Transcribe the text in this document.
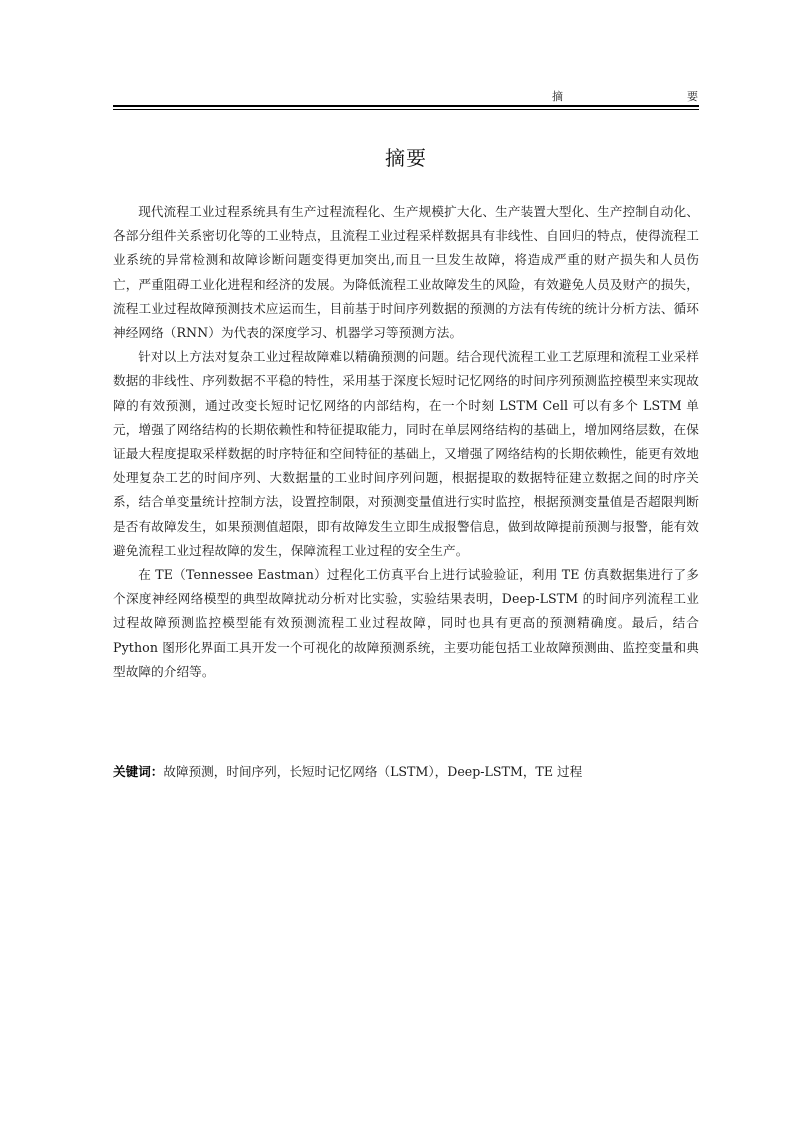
摘	要
摘要

现代流程工业过程系统具有生产过程流程化、生产规模扩大化、生产装置大型化、生产控制自动化、各部分组件关系密切化等的工业特点，且流程工业过程采样数据具有非线性、自回归的特点，使得流程工业系统的异常检测和故障诊断问题变得更加突出,而且一旦发生故障，将造成严重的财产损失和人员伤亡，严重阻碍工业化进程和经济的发展。为降低流程工业故障发生的风险，有效避免人员及财产的损失，流程工业过程故障预测技术应运而生，目前基于时间序列数据的预测的方法有传统的统计分析方法、循环神经网络（RNN）为代表的深度学习、机器学习等预测方法。

针对以上方法对复杂工业过程故障难以精确预测的问题。结合现代流程工业工艺原理和流程工业采样数据的非线性、序列数据不平稳的特性，采用基于深度长短时记忆网络的时间序列预测监控模型来实现故障的有效预测，通过改变长短时记忆网络的内部结构，在一个时刻 LSTM Cell 可以有多个 LSTM 单元，增强了网络结构的长期依赖性和特征提取能力，同时在单层网络结构的基础上，增加网络层数，在保证最大程度提取采样数据的时序特征和空间特征的基础上，又增强了网络结构的长期依赖性，能更有效地处理复杂工艺的时间序列、大数据量的工业时间序列问题，根据提取的数据特征建立数据之间的时序关系，结合单变量统计控制方法，设置控制限，对预测变量值进行实时监控，根据预测变量值是否超限判断是否有故障发生，如果预测值超限，即有故障发生立即生成报警信息，做到故障提前预测与报警，能有效避免流程工业过程故障的发生，保障流程工业过程的安全生产。

在 TE（Tennessee Eastman）过程化工仿真平台上进行试验验证，利用 TE 仿真数据集进行了多个深度神经网络模型的典型故障扰动分析对比实验，实验结果表明，Deep-LSTM 的时间序列流程工业过程故障预测监控模型能有效预测流程工业过程故障，同时也具有更高的预测精确度。最后，结合 Python 图形化界面工具开发一个可视化的故障预测系统，主要功能包括工业故障预测曲、监控变量和典型故障的介绍等。

关键词：故障预测，时间序列，长短时记忆网络（LSTM），Deep-LSTM，TE 过程
